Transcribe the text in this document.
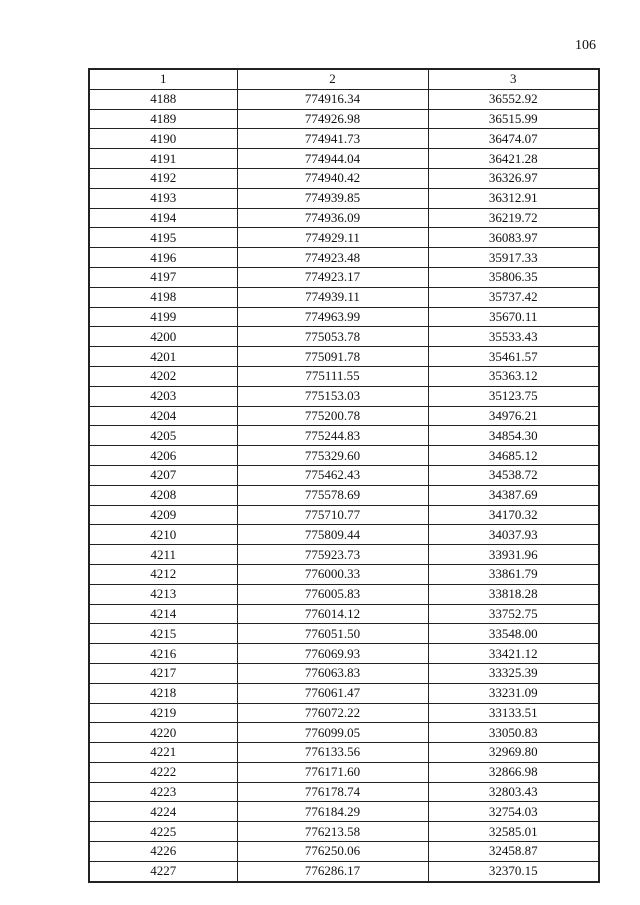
106
1	2	3
4188	774916.34	36552.92
4189	774926.98	36515.99
4190	774941.73	36474.07
4191	774944.04	36421.28
4192	774940.42	36326.97
4193	774939.85	36312.91
4194	774936.09	36219.72
4195	774929.11	36083.97
4196	774923.48	35917.33
4197	774923.17	35806.35
4198	774939.11	35737.42
4199	774963.99	35670.11
4200	775053.78	35533.43
4201	775091.78	35461.57
4202	775111.55	35363.12
4203	775153.03	35123.75
4204	775200.78	34976.21
4205	775244.83	34854.30
4206	775329.60	34685.12
4207	775462.43	34538.72
4208	775578.69	34387.69
4209	775710.77	34170.32
4210	775809.44	34037.93
4211	775923.73	33931.96
4212	776000.33	33861.79
4213	776005.83	33818.28
4214	776014.12	33752.75
4215	776051.50	33548.00
4216	776069.93	33421.12
4217	776063.83	33325.39
4218	776061.47	33231.09
4219	776072.22	33133.51
4220	776099.05	33050.83
4221	776133.56	32969.80
4222	776171.60	32866.98
4223	776178.74	32803.43
4224	776184.29	32754.03
4225	776213.58	32585.01
4226	776250.06	32458.87
4227	776286.17	32370.15
